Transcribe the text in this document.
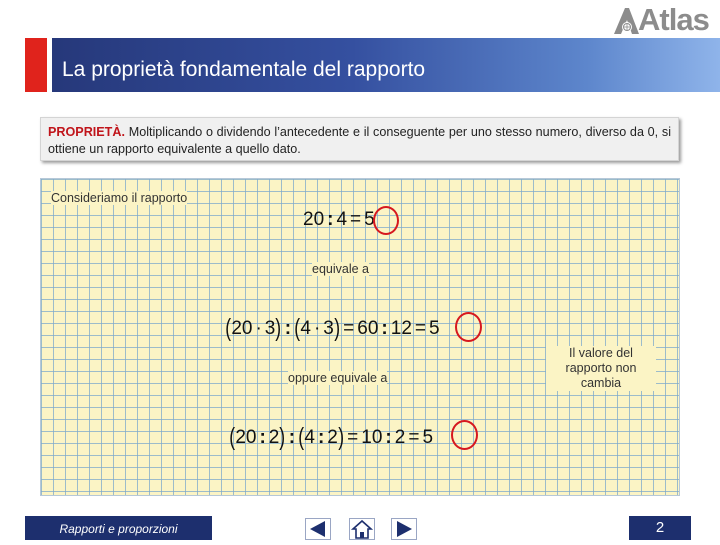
Atlas
La proprietà fondamentale del rapporto
PROPRIETÀ. Moltiplicando o dividendo l’antecedente e il conseguente per uno stesso numero, diverso da 0, si ottiene un rapporto equivalente a quello dato.
Consideriamo il rapporto
20 : 4 = 5
equivale a
(20 · 3) : (4 · 3) = 60 : 12 = 5
oppure equivale a
Il valore del rapporto non cambia
(20 : 2) : (4 : 2) = 10 : 2 = 5
Rapporti e proporzioni	2
